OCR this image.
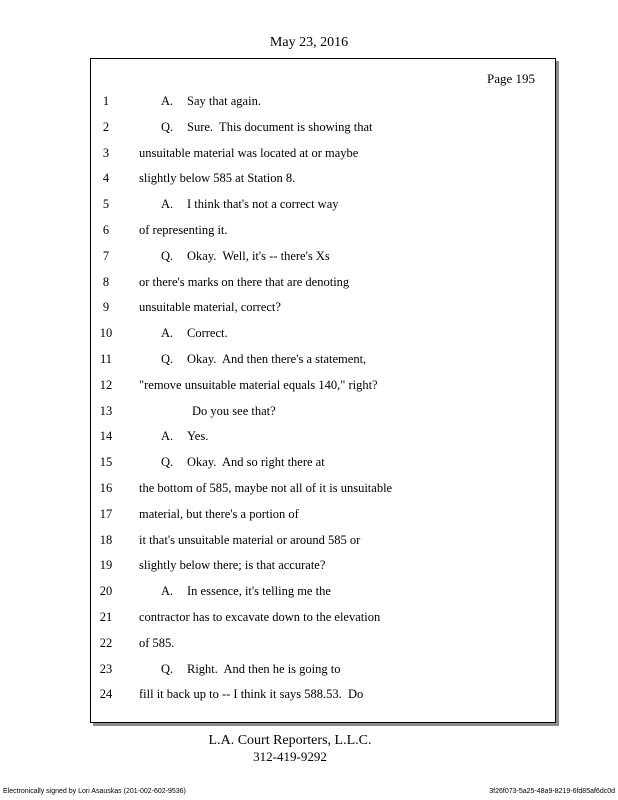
May 23, 2016
Page 195
1	A. Say that again.
2	Q. Sure.  This document is showing that
3	unsuitable material was located at or maybe
4	slightly below 585 at Station 8.
5	A. I think that's not a correct way
6	of representing it.
7	Q. Okay.  Well, it's -- there's Xs
8	or there's marks on there that are denoting
9	unsuitable material, correct?
10	A. Correct.
11	Q. Okay.  And then there's a statement,
12	"remove unsuitable material equals 140," right?
13	Do you see that?
14	A. Yes.
15	Q. Okay.  And so right there at
16	the bottom of 585, maybe not all of it is unsuitable
17	material, but there's a portion of
18	it that's unsuitable material or around 585 or
19	slightly below there; is that accurate?
20	A. In essence, it's telling me the
21	contractor has to excavate down to the elevation
22	of 585.
23	Q. Right.  And then he is going to
24	fill it back up to -- I think it says 588.53.  Do
L.A. Court Reporters, L.L.C.
312-419-9292
Electronically signed by Lori Asauskas (201-002-602-9536)	3f26f073-5a25-48a9-8219-6fd85af6dc0d
